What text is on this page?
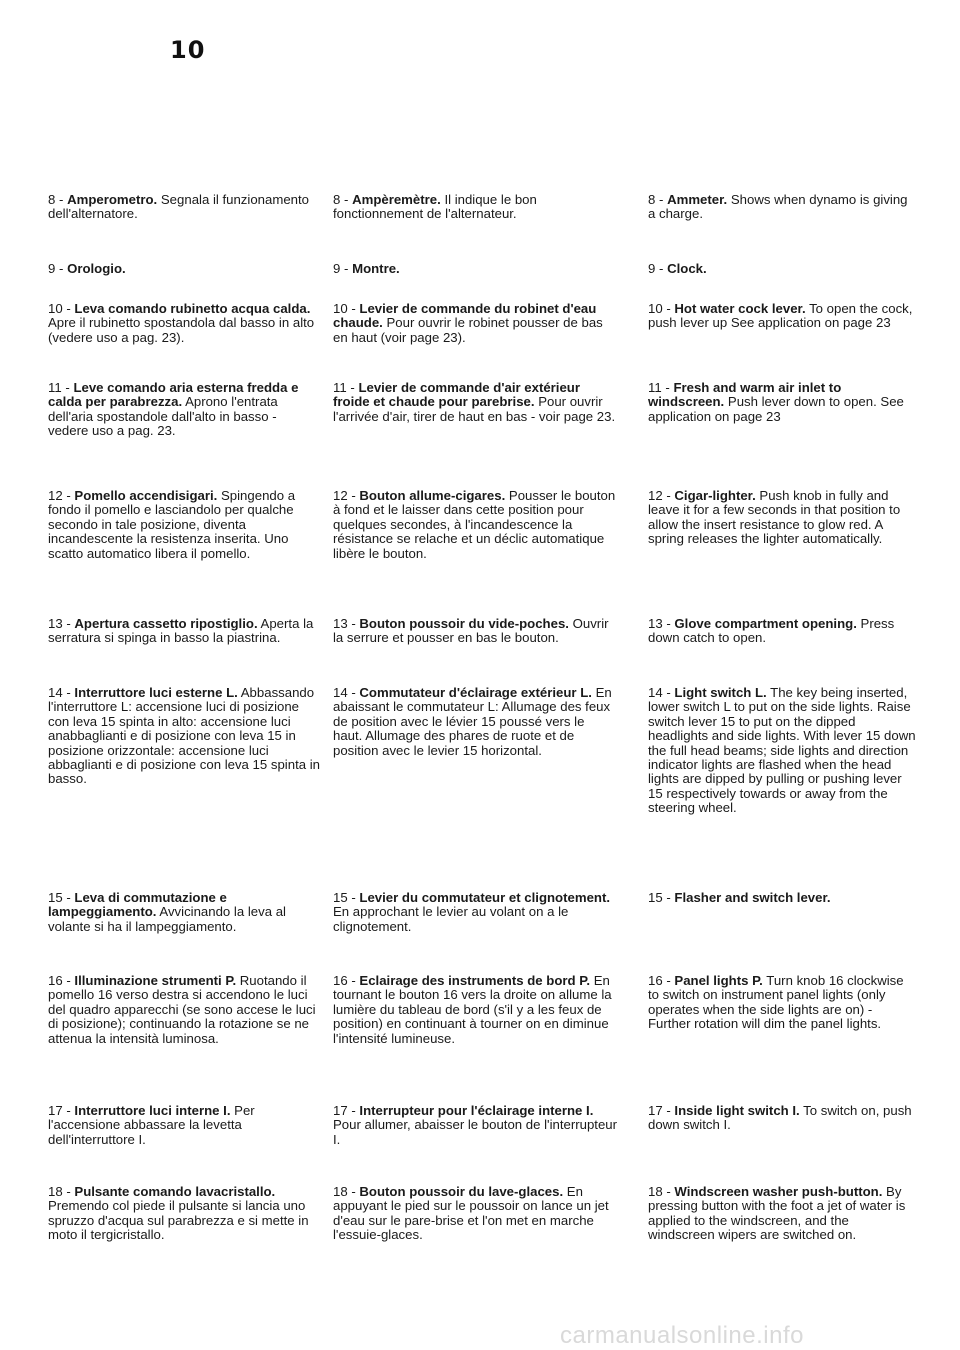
10
8 - Amperometro. Segnala il funzionamento dell'alternatore.
9 - Orologio.
10 - Leva comando rubinetto acqua calda. Apre il rubinetto spostandola dal basso in alto (vedere uso a pag. 23).
11 - Leve comando aria esterna fredda e calda per parabrezza. Aprono l'entrata dell'aria spostandole dall'alto in basso - vedere uso a pag. 23.
12 - Pomello accendisigari. Spingendo a fondo il pomello e lasciandolo per qualche secondo in tale posizione, diventa incandescente la resistenza inserita. Uno scatto automatico libera il pomello.
13 - Apertura cassetto ripostiglio. Aperta la serratura si spinga in basso la piastrina.
14 - Interruttore luci esterne L. Abbassando l'interruttore L: accensione luci di posizione con leva 15 spinta in alto: accensione luci anabbaglianti e di posizione con leva 15 in posizione orizzontale: accensione luci abbaglianti e di posizione con leva 15 spinta in basso.
15 - Leva di commutazione e lampeggiamento. Avvicinando la leva al volante si ha il lampeggiamento.
16 - Illuminazione strumenti P. Ruotando il pomello 16 verso destra si accendono le luci del quadro apparecchi (se sono accese le luci di posizione); continuando la rotazione se ne attenua la intensità luminosa.
17 - Interruttore luci interne I. Per l'accensione abbassare la levetta dell'interruttore I.
18 - Pulsante comando lavacristallo. Premendo col piede il pulsante si lancia uno spruzzo d'acqua sul parabrezza e si mette in moto il tergicristallo.
8 - Ampèremètre. Il indique le bon fonctionnement de l'alternateur.
9 - Montre.
10 - Levier de commande du robinet d'eau chaude. Pour ouvrir le robinet pousser de bas en haut (voir page 23).
11 - Levier de commande d'air extérieur froide et chaude pour parebrise. Pour ouvrir l'arrivée d'air, tirer de haut en bas - voir page 23.
12 - Bouton allume-cigares. Pousser le bouton à fond et le laisser dans cette position pour quelques secondes, à l'incandescence la résistance se relache et un déclic automatique libère le bouton.
13 - Bouton poussoir du vide-poches. Ouvrir la serrure et pousser en bas le bouton.
14 - Commutateur d'éclairage extérieur L. En abaissant le commutateur L: Allumage des feux de position avec le lévier 15 poussé vers le haut. Allumage des phares de ruote et de position avec le levier 15 horizontal.
15 - Levier du commutateur et clignotement. En approchant le levier au volant on a le clignotement.
16 - Eclairage des instruments de bord P. En tournant le bouton 16 vers la droite on allume la lumière du tableau de bord (s'il y a les feux de position) en continuant à tourner on en diminue l'intensité lumineuse.
17 - Interrupteur pour l'éclairage interne I. Pour allumer, abaisser le bouton de l'interrupteur I.
18 - Bouton poussoir du lave-glaces. En appuyant le pied sur le poussoir on lance un jet d'eau sur le pare-brise et l'on met en marche l'essuie-glaces.
8 - Ammeter. Shows when dynamo is giving a charge.
9 - Clock.
10 - Hot water cock lever. To open the cock, push lever up See application on page 23
11 - Fresh and warm air inlet to windscreen. Push lever down to open. See application on page 23
12 - Cigar-lighter. Push knob in fully and leave it for a few seconds in that position to allow the insert resistance to glow red. A spring releases the lighter automatically.
13 - Glove compartment opening. Press down catch to open.
14 - Light switch L. The key being inserted, lower switch L to put on the side lights. Raise switch lever 15 to put on the dipped headlights and side lights. With lever 15 down the full head beams; side lights and direction indicator lights are flashed when the head lights are dipped by pulling or pushing lever 15 respectively towards or away from the steering wheel.
15 - Flasher and switch lever.
16 - Panel lights P. Turn knob 16 clockwise to switch on instrument panel lights (only operates when the side lights are on) - Further rotation will dim the panel lights.
17 - Inside light switch I. To switch on, push down switch I.
18 - Windscreen washer push-button. By pressing button with the foot a jet of water is applied to the windscreen, and the windscreen wipers are switched on.
carmanualsonline.info
